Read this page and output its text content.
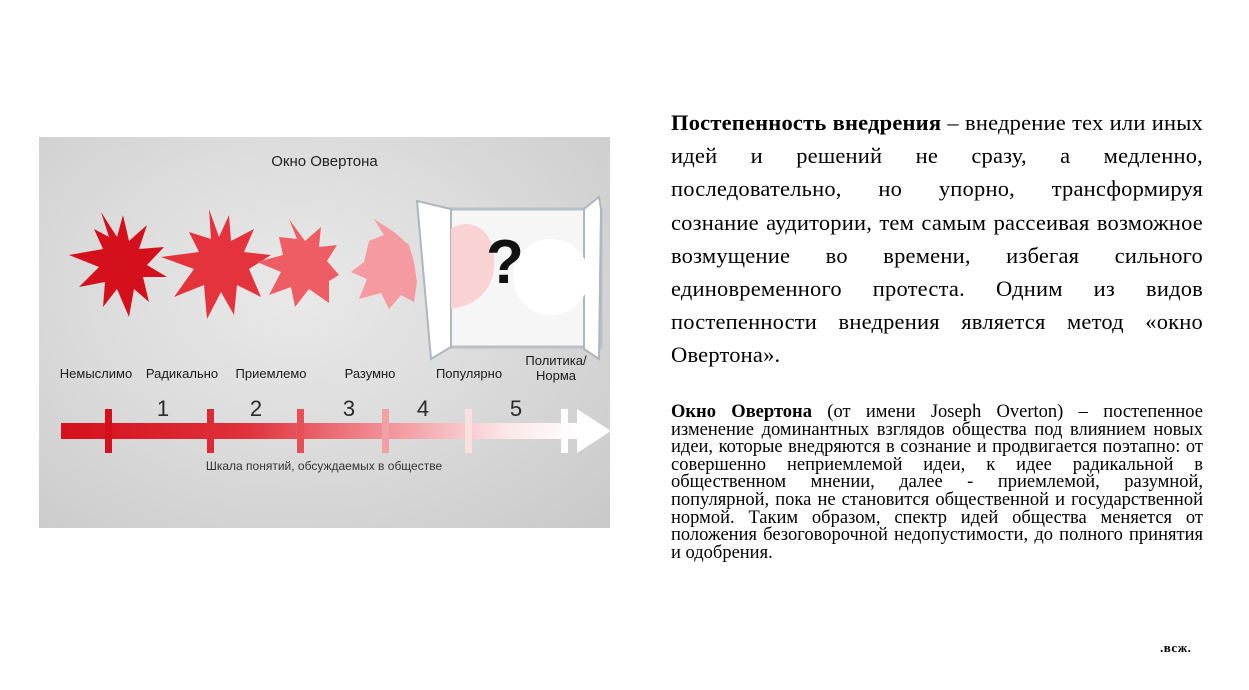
Окно Овертона
?
Немыслимо	Радикально	Приемлемо	Разумно	Популярно
Политика/
Норма
1	2	3	4	5
Шкала понятий, обсуждаемых в обществе
Постепенность внедрения – внедрение тех или иных идей и решений не сразу, а медленно, последовательно, но упорно, трансформируя сознание аудитории, тем самым рассеивая возможное возмущение во времени, избегая сильного единовременного протеста. Одним из видов постепенности внедрения является метод «окно Овертона».
Окно Овертона (от имени Joseph Overton) – постепенное изменение доминантных взглядов общества под влиянием новых идеи, которые внедряются в сознание и продвигается поэтапно: от совершенно неприемлемой идеи, к идее радикальной в общественном мнении, далее - приемлемой, разумной, популярной, пока не становится общественной и государственной нормой. Таким образом, спектр идей общества меняется от положения безоговорочной недопустимости, до полного принятия и одобрения.
.всж.
